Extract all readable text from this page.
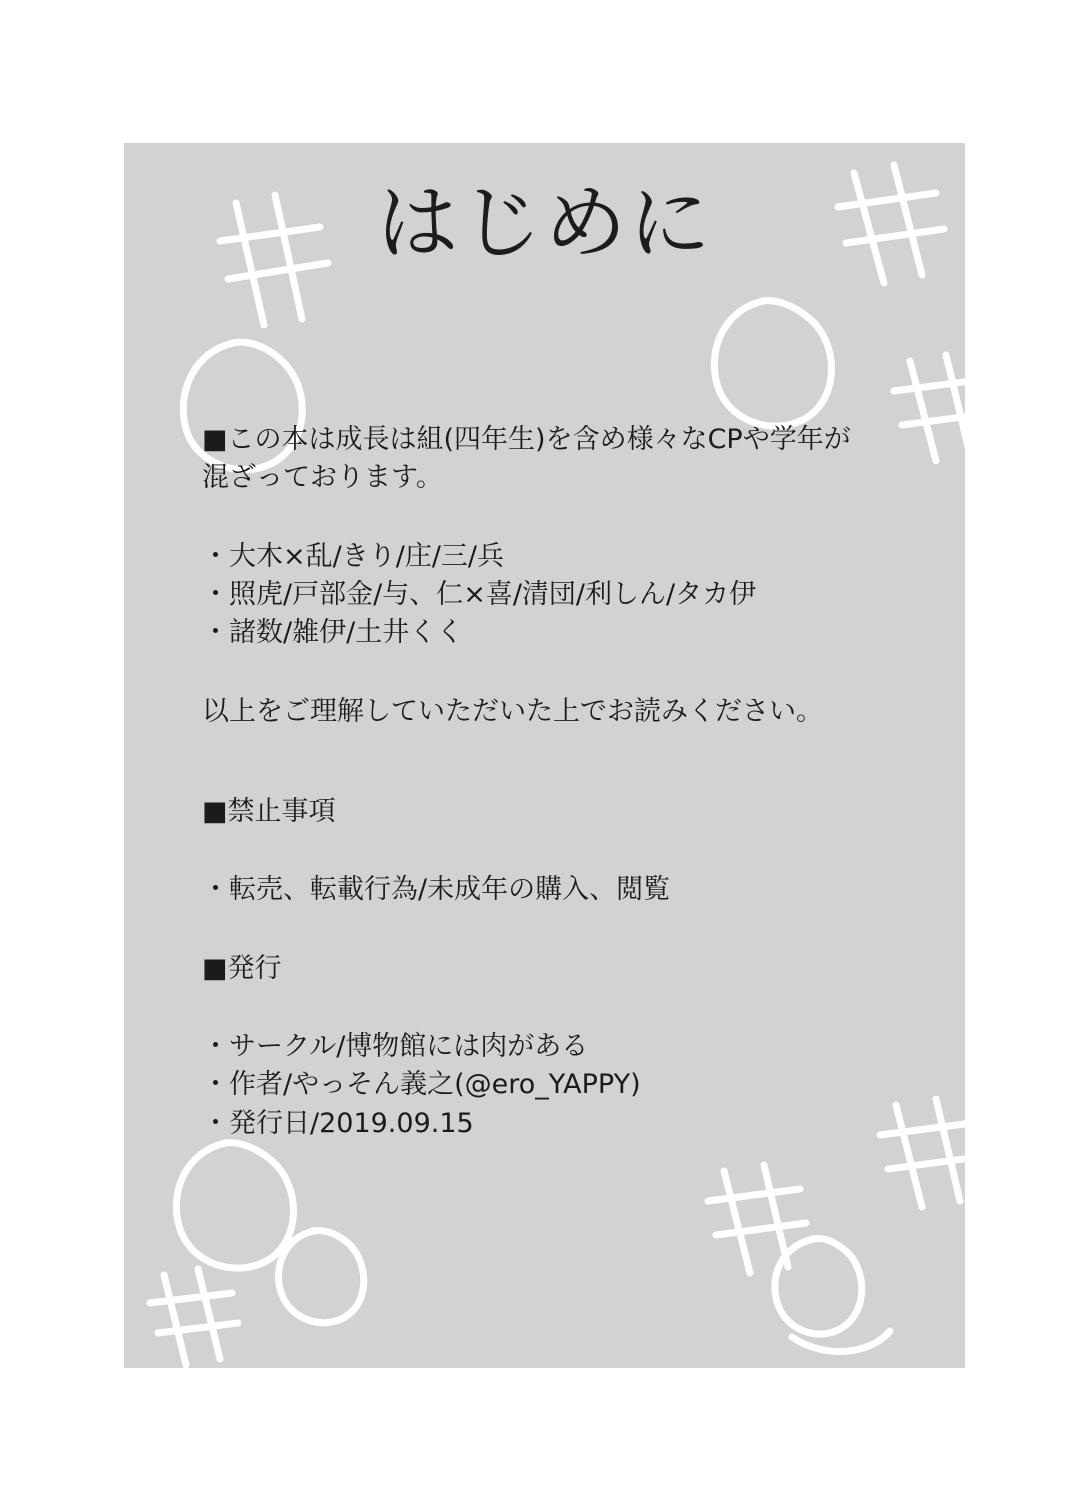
はじめに
■この本は成長は組(四年生)を含め様々なCPや学年が
混ざっております。
・大木×乱/きり/庄/三/兵
・照虎/戸部金/与、仁×喜/清団/利しん/タカ伊
・諸数/雑伊/土井くく
以上をご理解していただいた上でお読みください。
■禁止事項
・転売、転載行為/未成年の購入、閲覧
■発行
・サークル/博物館には肉がある
・作者/やっそん義之(@ero_YAPPY)
・発行日/2019.09.15
